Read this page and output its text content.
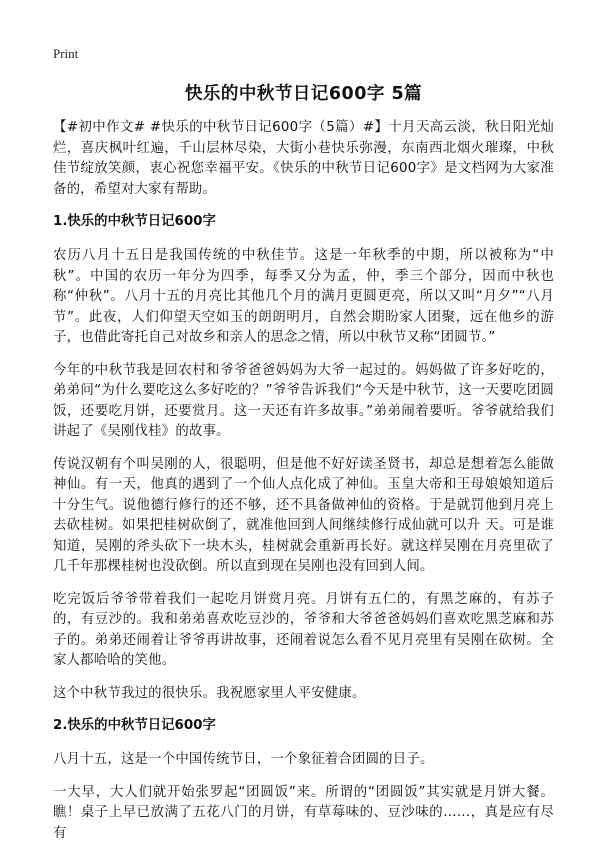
Print
快乐的中秋节日记600字 5篇

【#初中作文# #快乐的中秋节日记600字（5篇）#】十月天高云淡，秋日阳光灿烂，喜庆枫叶红遍，千山层林尽染，大街小巷快乐弥漫，东南西北烟火璀璨，中秋佳节绽放笑颜，衷心祝您幸福平安。《快乐的中秋节日记600字》是文档网为大家准备的，希望对大家有帮助。

1.快乐的中秋节日记600字

农历八月十五日是我国传统的中秋佳节。这是一年秋季的中期，所以被称为“中秋”。中国的农历一年分为四季，每季又分为孟，仲，季三个部分，因而中秋也称“仲秋”。八月十五的月亮比其他几个月的满月更圆更亮，所以又叫“月夕”“八月节”。此夜，人们仰望天空如玉的朗朗明月，自然会期盼家人团聚，远在他乡的游子，也借此寄托自己对故乡和亲人的思念之情，所以中秋节又称“团圆节。”

今年的中秋节我是回农村和爷爷爸爸妈妈为大爷一起过的。妈妈做了许多好吃的，弟弟问“为什么要吃这么多好吃的？”爷爷告诉我们“今天是中秋节，这一天要吃团圆饭，还要吃月饼，还要赏月。这一天还有许多故事。”弟弟闹着要听。爷爷就给我们讲起了《吴刚伐桂》的故事。

传说汉朝有个叫吴刚的人，很聪明，但是他不好好读圣贤书，却总是想着怎么能做神仙。有一天，他真的遇到了一个仙人点化成了神仙。玉皇大帝和王母娘娘知道后十分生气。说他德行修行的还不够，还不具备做神仙的资格。于是就罚他到月亮上去砍桂树。如果把桂树砍倒了，就准他回到人间继续修行成仙就可以升 天。可是谁知道，吴刚的斧头砍下一块木头，桂树就会重新再长好。就这样吴刚在月亮里砍了几千年那棵桂树也没砍倒。所以直到现在吴刚也没有回到人间。

吃完饭后爷爷带着我们一起吃月饼赏月亮。月饼有五仁的，有黑芝麻的，有苏子的，有豆沙的。我和弟弟喜欢吃豆沙的，爷爷和大爷爸爸妈妈们喜欢吃黑芝麻和苏子的。弟弟还闹着让爷爷再讲故事，还闹着说怎么看不见月亮里有吴刚在砍树。全家人都哈哈的笑他。

这个中秋节我过的很快乐。我祝愿家里人平安健康。

2.快乐的中秋节日记600字

八月十五，这是一个中国传统节日，一个象征着合团圆的日子。

一大早，大人们就开始张罗起“团圆饭”来。所谓的“团圆饭”其实就是月饼大餐。瞧！桌子上早已放满了五花八门的月饼，有草莓味的、豆沙味的……，真是应有尽有
